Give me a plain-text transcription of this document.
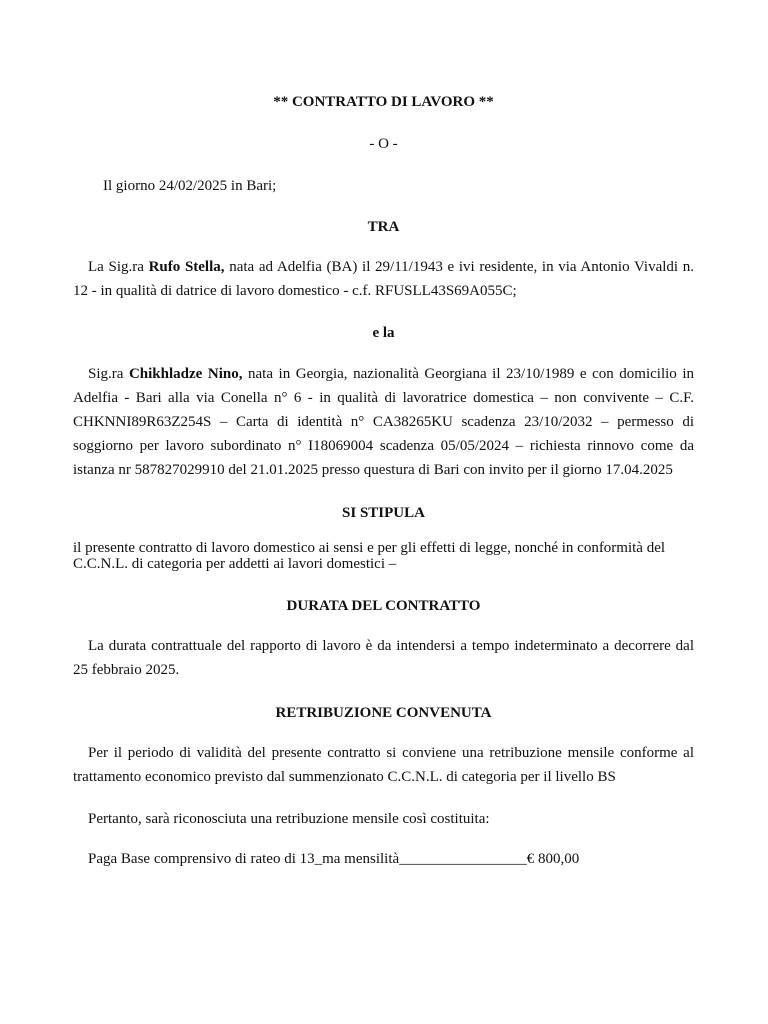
** CONTRATTO DI LAVORO **
- O -
Il giorno 24/02/2025 in Bari;
TRA

La Sig.ra Rufo Stella, nata ad Adelfia (BA) il 29/11/1943 e ivi residente, in via Antonio Vivaldi n. 12 - in qualità di datrice di lavoro domestico - c.f. RFUSLL43S69A055C;

e la

Sig.ra Chikhladze Nino, nata in Georgia, nazionalità Georgiana il 23/10/1989 e con domicilio in Adelfia - Bari alla via Conella n° 6 - in qualità di lavoratrice domestica – non convivente – C.F. CHKNNI89R63Z254S – Carta di identità n° CA38265KU scadenza 23/10/2032 – permesso di soggiorno per lavoro subordinato n° I18069004 scadenza 05/05/2024 – richiesta rinnovo come da istanza nr 587827029910 del 21.01.2025 presso questura di Bari con invito per il giorno 17.04.2025

SI STIPULA
il presente contratto di lavoro domestico ai sensi e per gli effetti di legge, nonché in conformità del C.C.N.L. di categoria per addetti ai lavori domestici –
DURATA DEL CONTRATTO

La durata contrattuale del rapporto di lavoro è da intendersi a tempo indeterminato a decorrere dal 25 febbraio 2025.

RETRIBUZIONE CONVENUTA

Per il periodo di validità del presente contratto si conviene una retribuzione mensile conforme al trattamento economico previsto dal summenzionato C.C.N.L. di categoria per il livello BS

Pertanto, sarà riconosciuta una retribuzione mensile così costituita:
Paga Base comprensivo di rateo di 13_ma mensilità_________________€ 800,00
